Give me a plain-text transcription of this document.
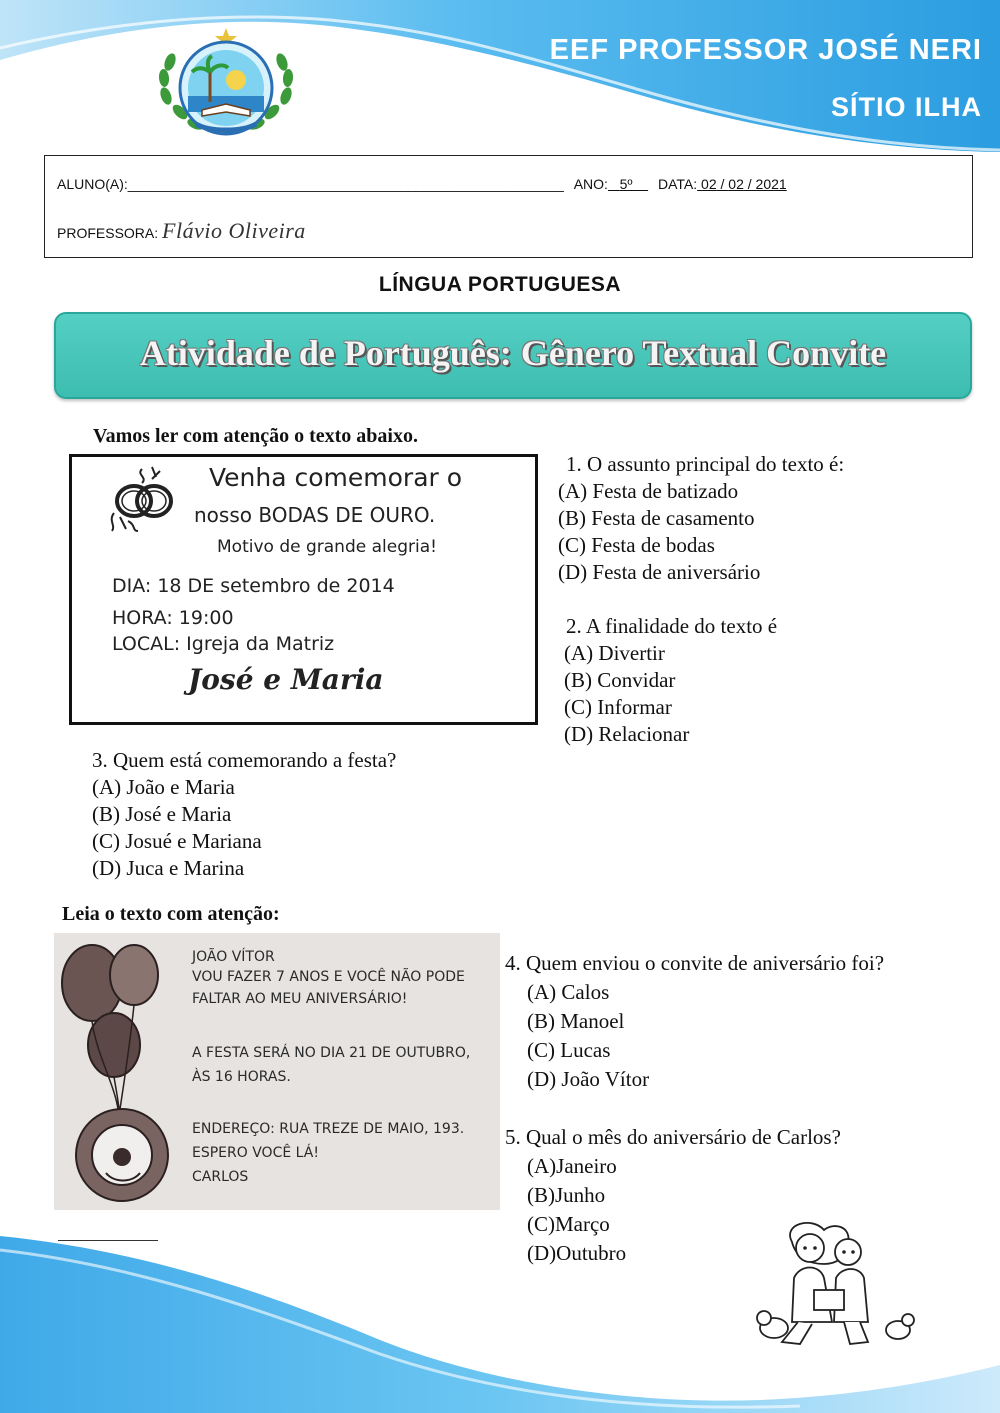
EEF PROFESSOR JOSÉ NERI
SÍTIO ILHA
ALUNO(A):________________________________________________________ ANO: 5º DATA: 02 / 02 / 2021
PROFESSORA: Flávio Oliveira
LÍNGUA PORTUGUESA
Atividade de Português: Gênero Textual Convite
Vamos ler com atenção o texto abaixo.
Venha comemorar o
nosso BODAS DE OURO.
Motivo de grande alegria!
DIA: 18 DE setembro de 2014
HORA: 19:00
LOCAL: Igreja da Matriz
José e Maria
1. O assunto principal do texto é:
(A) Festa de batizado
(B) Festa de casamento
(C) Festa de bodas
(D) Festa de aniversário
2. A finalidade do texto é
(A) Divertir
(B) Convidar
(C) Informar
(D) Relacionar
3. Quem está comemorando a festa?
(A) João e Maria
(B) José e Maria
(C) Josué e Mariana
(D) Juca e Marina
Leia o texto com atenção:
JOÃO VÍTOR
VOU FAZER 7 ANOS E VOCÊ NÃO PODE
FALTAR AO MEU ANIVERSÁRIO!
A FESTA SERÁ NO DIA 21 DE OUTUBRO,
ÀS 16 HORAS.
ENDEREÇO: RUA TREZE DE MAIO, 193.
ESPERO VOCÊ LÁ!
CARLOS
4. Quem enviou o convite de aniversário foi?
(A) Calos
(B) Manoel
(C) Lucas
(D) João Vítor
5. Qual o mês do aniversário de Carlos?
(A)Janeiro
(B)Junho
(C)Março
(D)Outubro
